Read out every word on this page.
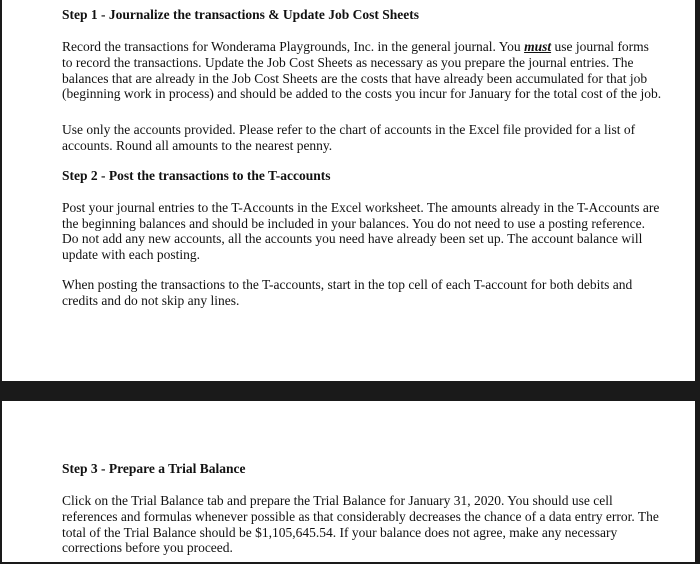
Step 1 - Journalize the transactions & Update Job Cost Sheets

Record the transactions for Wonderama Playgrounds, Inc. in the general journal. You must use journal forms to record the transactions. Update the Job Cost Sheets as necessary as you prepare the journal entries. The balances that are already in the Job Cost Sheets are the costs that have already been accumulated for that job (beginning work in process) and should be added to the costs you incur for January for the total cost of the job.

Use only the accounts provided. Please refer to the chart of accounts in the Excel file provided for a list of accounts. Round all amounts to the nearest penny.

Step 2 - Post the transactions to the T-accounts

Post your journal entries to the T-Accounts in the Excel worksheet. The amounts already in the T-Accounts are the beginning balances and should be included in your balances. You do not need to use a posting reference. Do not add any new accounts, all the accounts you need have already been set up. The account balance will update with each posting.

When posting the transactions to the T-accounts, start in the top cell of each T-account for both debits and credits and do not skip any lines.

Step 3 - Prepare a Trial Balance

Click on the Trial Balance tab and prepare the Trial Balance for January 31, 2020. You should use cell references and formulas whenever possible as that considerably decreases the chance of a data entry error. The total of the Trial Balance should be $1,105,645.54. If your balance does not agree, make any necessary corrections before you proceed.
